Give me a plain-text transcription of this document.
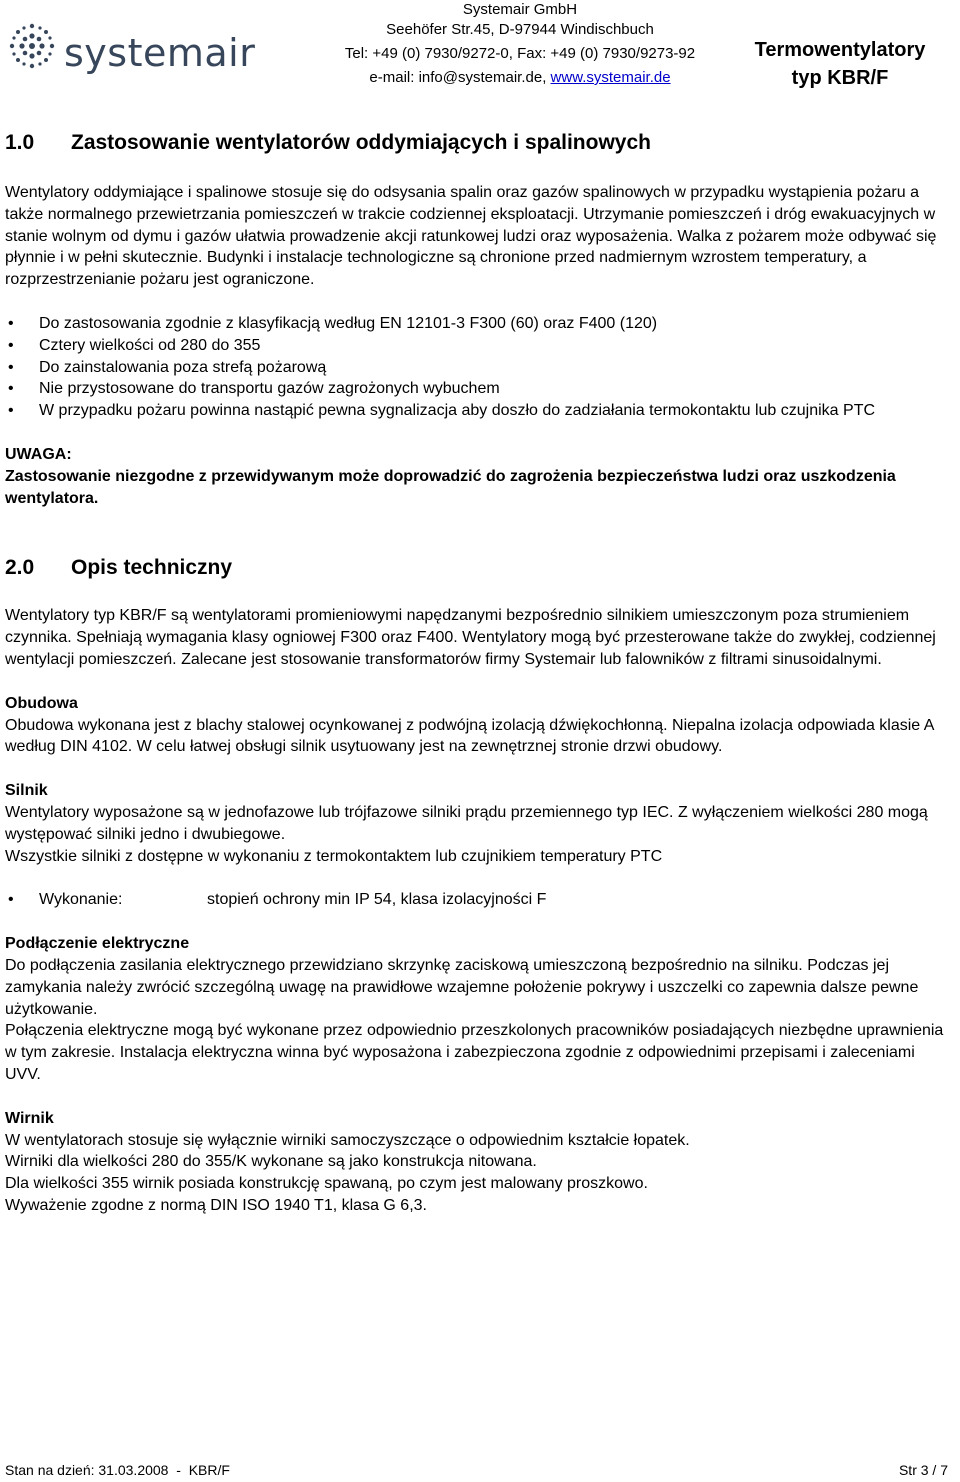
systemair
Systemair GmbH
Seehöfer Str.45, D-97944 Windischbuch
Tel: +49 (0) 7930/9272-0, Fax: +49 (0) 7930/9273-92
e-mail: info@systemair.de, www.systemair.de
Termowentylatory
typ KBR/F
1.0 Zastosowanie wentylatorów oddymiających i spalinowych

Wentylatory oddymiające i spalinowe stosuje się do odsysania spalin oraz gazów spalinowych w przypadku wystąpienia pożaru a także normalnego przewietrzania pomieszczeń w trakcie codziennej eksploatacji. Utrzymanie pomieszczeń i dróg ewakuacyjnych w stanie wolnym od dymu i gazów ułatwia prowadzenie akcji ratunkowej ludzi oraz wyposażenia. Walka z pożarem może odbywać się płynnie i w pełni skutecznie. Budynki i instalacje technologiczne są chronione przed nadmiernym wzrostem temperatury, a rozprzestrzenianie pożaru jest ograniczone.

• Do zastosowania zgodnie z klasyfikacją według EN 12101-3 F300 (60) oraz F400 (120)
• Cztery wielkości od 280 do 355
• Do zainstalowania poza strefą pożarową
• Nie przystosowane do transportu gazów zagrożonych wybuchem
• W przypadku pożaru powinna nastąpić pewna sygnalizacja aby doszło do zadziałania termokontaktu lub czujnika PTC

UWAGA:

Zastosowanie niezgodne z przewidywanym może doprowadzić do zagrożenia bezpieczeństwa ludzi oraz uszkodzenia wentylatora.

2.0 Opis techniczny

Wentylatory typ KBR/F są wentylatorami promieniowymi napędzanymi bezpośrednio silnikiem umieszczonym poza strumieniem czynnika. Spełniają wymagania klasy ogniowej F300 oraz F400. Wentylatory mogą być przesterowane także do zwykłej, codziennej wentylacji pomieszczeń. Zalecane jest stosowanie transformatorów firmy Systemair lub falowników z filtrami sinusoidalnymi.

Obudowa

Obudowa wykonana jest z blachy stalowej ocynkowanej z podwójną izolacją dźwiękochłonną. Niepalna izolacja odpowiada klasie A według DIN 4102. W celu łatwej obsługi silnik usytuowany jest na zewnętrznej stronie drzwi obudowy.

Silnik

Wentylatory wyposażone są w jednofazowe lub trójfazowe silniki prądu przemiennego typ IEC. Z wyłączeniem wielkości 280 mogą występować silniki jedno i dwubiegowe.

Wszystkie silniki z dostępne w wykonaniu z termokontaktem lub czujnikiem temperatury PTC

• Wykonanie:	stopień ochrony min IP 54, klasa izolacyjności F

Podłączenie elektryczne

Do podłączenia zasilania elektrycznego przewidziano skrzynkę zaciskową umieszczoną bezpośrednio na silniku. Podczas jej zamykania należy zwrócić szczególną uwagę na prawidłowe wzajemne położenie pokrywy i uszczelki co zapewnia dalsze pewne użytkowanie.

Połączenia elektryczne mogą być wykonane przez odpowiednio przeszkolonych pracowników posiadających niezbędne uprawnienia w tym zakresie. Instalacja elektryczna winna być wyposażona i zabezpieczona zgodnie z odpowiednimi przepisami i zaleceniami UVV.

Wirnik

W wentylatorach stosuje się wyłącznie wirniki samoczyszczące o odpowiednim kształcie łopatek.

Wirniki dla wielkości 280 do 355/K wykonane są jako konstrukcja nitowana.

Dla wielkości 355 wirnik posiada konstrukcję spawaną, po czym jest malowany proszkowo.

Wyważenie zgodne z normą DIN ISO 1940 T1, klasa G 6,3.

Stan na dzień: 31.03.2008  -  KBR/F	Str 3 / 7
